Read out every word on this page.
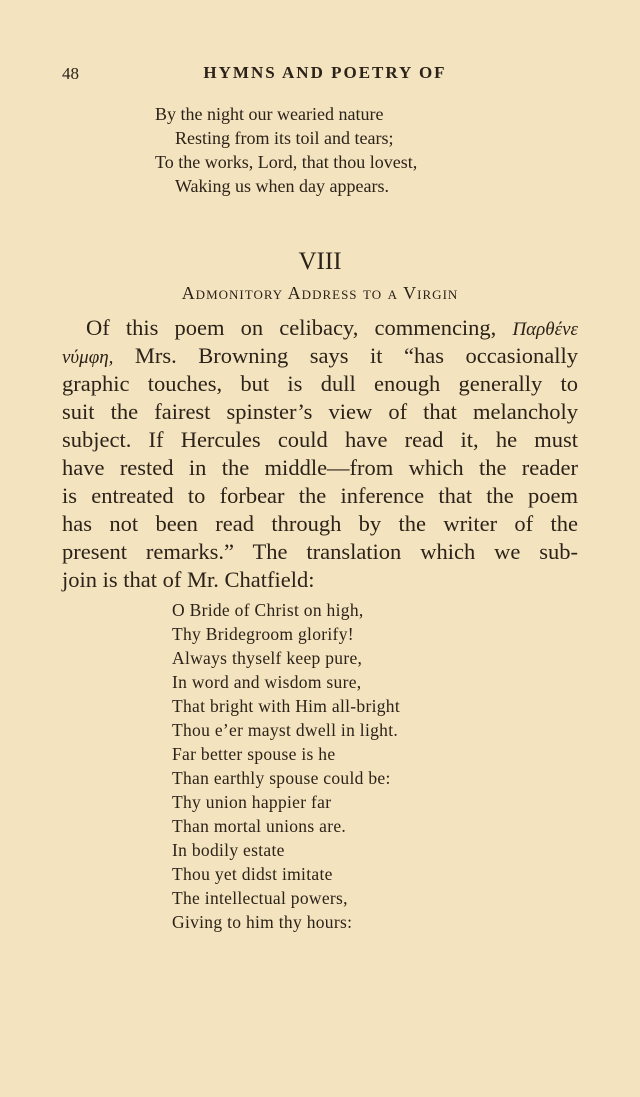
48	HYMNS AND POETRY OF
By the night our wearied nature
Resting from its toil and tears;
To the works, Lord, that thou lovest,
Waking us when day appears.
VIII
Admonitory Address to a Virgin
Of this poem on celibacy, commencing, Παρθένε
νύμφη, Mrs. Browning says it “has occasionally
graphic touches, but is dull enough generally to
suit the fairest spinster’s view of that melancholy
subject. If Hercules could have read it, he must
have rested in the middle—from which the reader
is entreated to forbear the inference that the poem
has not been read through by the writer of the
present remarks.” The translation which we sub-
join is that of Mr. Chatfield:
O Bride of Christ on high,
Thy Bridegroom glorify!
Always thyself keep pure,
In word and wisdom sure,
That bright with Him all-bright
Thou e’er mayst dwell in light.
Far better spouse is he
Than earthly spouse could be:
Thy union happier far
Than mortal unions are.
In bodily estate
Thou yet didst imitate
The intellectual powers,
Giving to him thy hours:
